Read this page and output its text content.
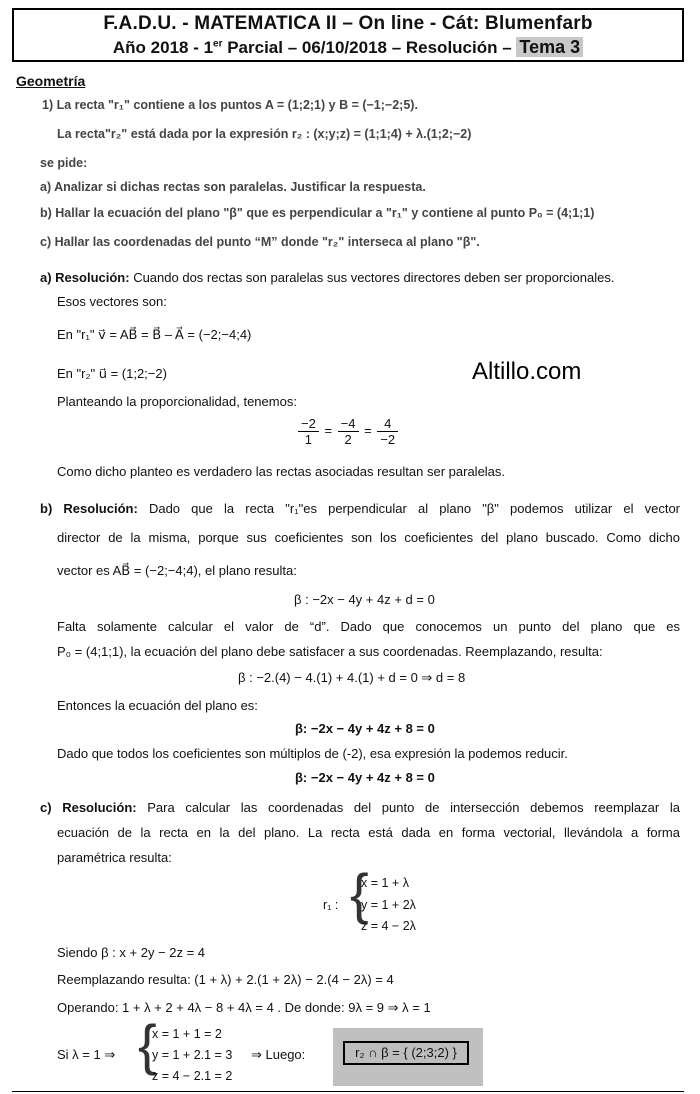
F.A.D.U. - MATEMATICA II – On line - Cát: Blumenfarb
Año 2018 - 1er Parcial – 06/10/2018 – Resolución – Tema 3
Geometría
1) La recta "r₁" contiene a los puntos A = (1;2;1) y B = (−1;−2;5).
La recta"r₂" está dada por la expresión r₂ : (x;y;z) = (1;1;4) + λ.(1;2;−2)
se pide:
a) Analizar si dichas rectas son paralelas. Justificar la respuesta.
b) Hallar la ecuación del plano "β" que es perpendicular a "r₁" y contiene al punto P₀ = (4;1;1)
c) Hallar las coordenadas del punto “M” donde "r₂" interseca al plano "β".
a) Resolución: Cuando dos rectas son paralelas sus vectores directores deben ser proporcionales.
Esos vectores son:
En "r₁" v⃗ = AB⃗ = B⃗ – A⃗ = (−2;−4;4)
En "r₂" u⃗ = (1;2;−2)	Altillo.com
Planteando la proporcionalidad, tenemos:
$\frac{-2}{1} = \frac{-4}{2} = \frac{4}{-2}$
Como dicho planteo es verdadero las rectas asociadas resultan ser paralelas.
b) Resolución: Dado que la recta "r₁"es perpendicular al plano "β" podemos utilizar el vector
director de la misma, porque sus coeficientes son los coeficientes del plano buscado. Como dicho
vector es AB⃗ = (−2;−4;4), el plano resulta:
β : −2x − 4y + 4z + d = 0
Falta solamente calcular el valor de “d”. Dado que conocemos un punto del plano que es
P₀ = (4;1;1), la ecuación del plano debe satisfacer a sus coordenadas. Reemplazando, resulta:
β : −2.(4) − 4.(1) + 4.(1) + d = 0 ⇒ d = 8
Entonces la ecuación del plano es:
β: −2x − 4y + 4z + 8 = 0
Dado que todos los coeficientes son múltiplos de (-2), esa expresión la podemos reducir.
β: −2x − 4y + 4z + 8 = 0
c) Resolución: Para calcular las coordenadas del punto de intersección debemos reemplazar la
ecuación de la recta en la del plano. La recta está dada en forma vectorial, llevándola a forma
paramétrica resulta:
r₁ : {
x = 1 + λ
y = 1 + 2λ
z = 4 − 2λ
Siendo β : x + 2y − 2z = 4
Reemplazando resulta: (1 + λ) + 2.(1 + 2λ) − 2.(4 − 2λ) = 4
Operando: 1 + λ + 2 + 4λ − 8 + 4λ = 4 . De donde: 9λ = 9 ⇒ λ = 1
Si λ = 1 ⇒ {
x = 1 + 1 = 2
y = 1 + 2.1 = 3
z = 4 − 2.1 = 2
⇒ Luego:	r₂ ∩ β = { (2;3;2) }
